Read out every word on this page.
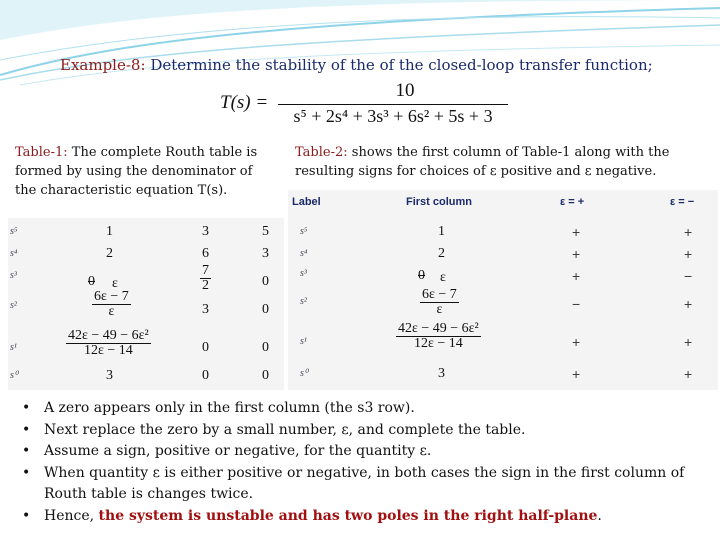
Example-8: Determine the stability of the of the closed-loop transfer function;
T(s) =
10
s⁵ + 2s⁴ + 3s³ + 6s² + 5s + 3
Table-1: The complete Routh table is formed by using the denominator of the characteristic equation T(s).
Table-2: shows the first column of Table-1 along with the resulting signs for choices of ε positive and ε negative.
s⁵	1	3	5
s⁴	2	6	3
s³	0 ε	$\frac{7}{2}$	0
s²	$\frac{6\varepsilon - 7}{\varepsilon}$	3	0
s¹	$\frac{\text{42ε − 49 − 6ε²}}{12\varepsilon - 14}$	0	0
s⁰	3	0	0
Label	First column	ε = +	ε = −
s⁵	1	+	+
s⁴	2	+	+
s³	0 ε	+	−
s²	$\frac{6\varepsilon - 7}{\varepsilon}$	−	+
s¹	$\frac{\text{42ε − 49 − 6ε²}}{12\varepsilon - 14}$	+	+
s⁰	3	+	+
• A zero appears only in the first column (the s3 row).
• Next replace the zero by a small number, ε, and complete the table.
• Assume a sign, positive or negative, for the quantity ε.
• When quantity ε is either positive or negative, in both cases the sign in the first column of Routh table is changes twice.
• Hence, the system is unstable and has two poles in the right half-plane.
